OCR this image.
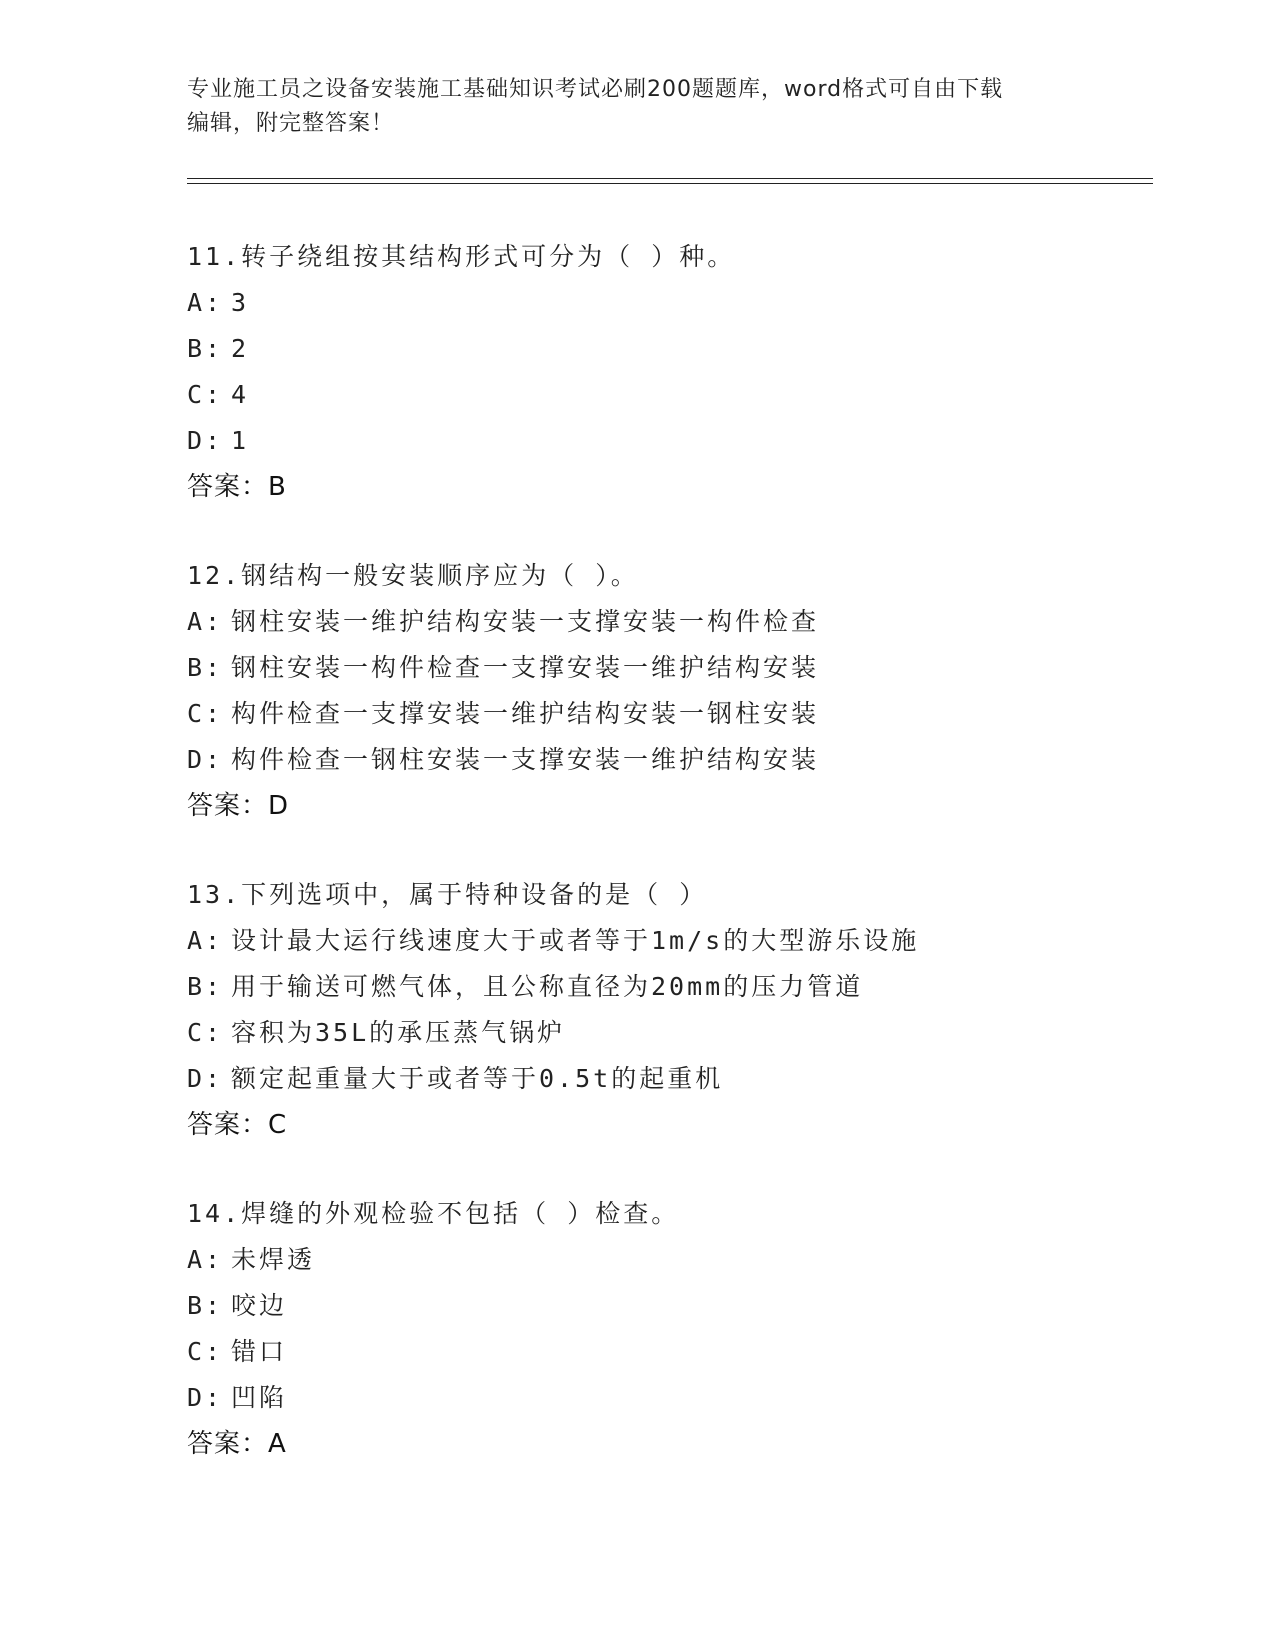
专业施工员之设备安装施工基础知识考试必刷200题题库，word格式可自由下载
编辑，附完整答案！
11.转子绕组按其结构形式可分为（ ）种。
A: 3
B: 2
C: 4
D: 1
答案：B
12.钢结构一般安装顺序应为（ ）。
A: 钢柱安装一维护结构安装一支撑安装一构件检查
B: 钢柱安装一构件检查一支撑安装一维护结构安装
C: 构件检查一支撑安装一维护结构安装一钢柱安装
D: 构件检查一钢柱安装一支撑安装一维护结构安装
答案：D
13.下列选项中，属于特种设备的是（ ）
A: 设计最大运行线速度大于或者等于1m/s的大型游乐设施
B: 用于输送可燃气体，且公称直径为20mm的压力管道
C: 容积为35L的承压蒸气锅炉
D: 额定起重量大于或者等于0.5t的起重机
答案：C
14.焊缝的外观检验不包括（ ）检查。
A: 未焊透
B: 咬边
C: 错口
D: 凹陷
答案：A
